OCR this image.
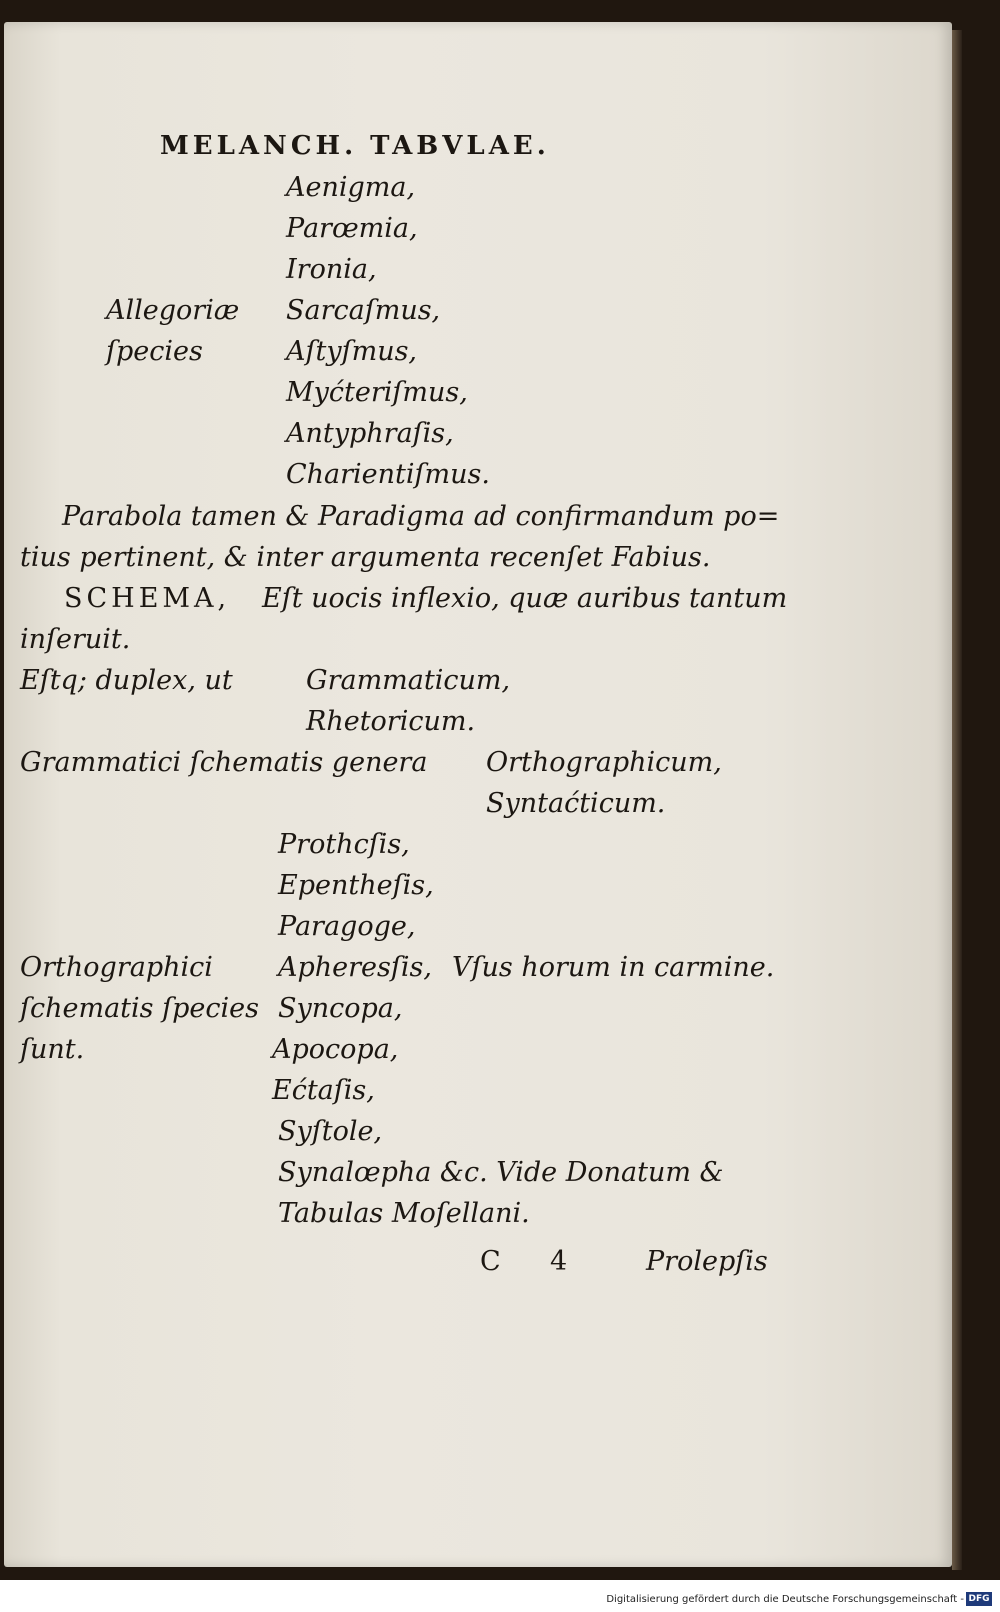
MELANCH. TABVLAE.
Aenigma,
Parœmia,
Ironia,
Sarcaſmus,
Aſtyſmus,
Myćteriſmus,
Antyphraſis,
Charientiſmus.
Allegoriæ
ſpecies
Parabola tamen & Paradigma ad confirmandum po=
tius pertinent, & inter argumenta recenſet Fabius.
SCHEMA, Eſt uocis inflexio, quæ auribus tantum
inſeruit.
Eſtq; duplex, ut	Grammaticum,
Rhetoricum.
Grammatici ſchematis genera Orthographicum,
Syntaćticum.
Prothcſis,
Epentheſis,
Paragoge,
Apheresſis,
Syncopa,
Apocopa,
Ećtaſis,
Syſtole,
Synalœpha &c. Vide Donatum &
Tabulas Moſellani.
Orthographici
ſchematis ſpecies
ſunt.
Vſus horum in carmine.
C 4	Prolepſis
Digitalisierung gefördert durch die Deutsche Forschungsgemeinschaft - DFG
